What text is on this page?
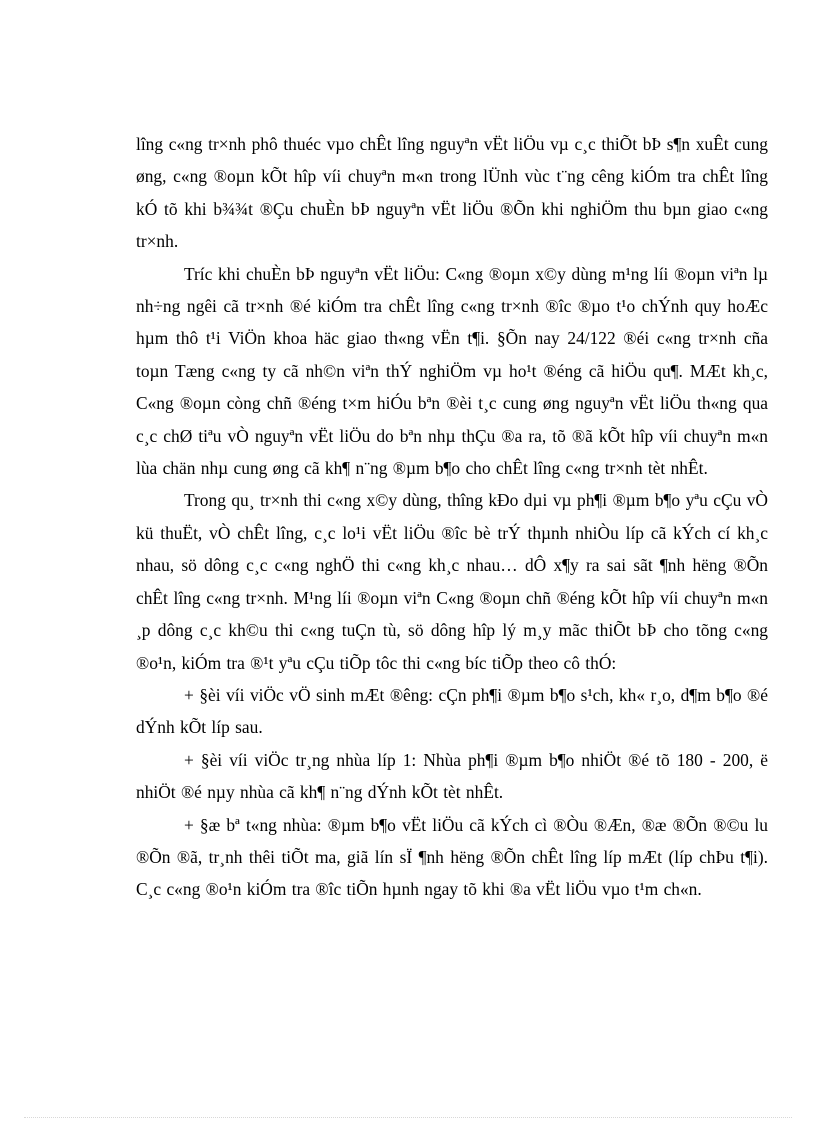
lîng c«ng tr×nh phô thuéc vµo chÊt lîng nguyªn vËt liÖu vµ c¸c thiÕt bÞ s¶n xuÊt cung øng, c«ng ®oµn kÕt hîp víi chuyªn m«n trong lÜnh vùc t¨ng cêng kiÓm tra chÊt lîng kÓ tõ khi b¾¾t ®Çu chuÈn bÞ nguyªn vËt liÖu ®Õn khi nghiÖm thu bµn giao c«ng tr×nh.

Tríc khi chuÈn bÞ nguyªn vËt liÖu: C«ng ®oµn x©y dùng m¹ng líi ®oµn viªn lµ nh÷ng ngêi cã tr×nh ®é kiÓm tra chÊt lîng c«ng tr×nh ®îc ®µo t¹o chÝnh quy hoÆc hµm thô t¹i ViÖn khoa häc giao th«ng vËn t¶i. §Õn nay 24/122 ®éi c«ng tr×nh cña toµn Tæng c«ng ty cã nh©n viªn thÝ nghiÖm vµ ho¹t ®éng cã hiÖu qu¶. MÆt kh¸c, C«ng ®oµn còng chñ ®éng t×m hiÓu bªn ®èi t¸c cung øng nguyªn vËt liÖu th«ng qua c¸c chØ tiªu vÒ nguyªn vËt liÖu do bªn nhµ thÇu ®a ra, tõ ®ã kÕt hîp víi chuyªn m«n lùa chän nhµ cung øng cã kh¶ n¨ng ®µm b¶o cho chÊt lîng c«ng tr×nh tèt nhÊt.

Trong qu¸ tr×nh thi c«ng x©y dùng, thîng kÐo dµi vµ ph¶i ®µm b¶o yªu cÇu vÒ kü thuËt, vÒ chÊt lîng, c¸c lo¹i vËt liÖu ®îc bè trÝ thµnh nhiÒu líp cã kÝch cí kh¸c nhau, sö dông c¸c c«ng nghÖ thi c«ng kh¸c nhau… dÔ x¶y ra sai sãt ¶nh hëng ®Õn chÊt lîng c«ng tr×nh. M¹ng líi ®oµn viªn C«ng ®oµn chñ ®éng kÕt hîp víi chuyªn m«n ¸p dông c¸c kh©u thi c«ng tuÇn tù, sö dông hîp lý m¸y mãc thiÕt bÞ cho tõng c«ng ®o¹n, kiÓm tra ®¹t yªu cÇu tiÕp tôc thi c«ng bíc tiÕp theo cô thÓ:

+ §èi víi viÖc vÖ sinh mÆt ®êng: cÇn ph¶i ®µm b¶o s¹ch, kh« r¸o, d¶m b¶o ®é dÝnh kÕt líp sau.

+ §èi víi viÖc tr¸ng nhùa líp 1: Nhùa ph¶i ®µm b¶o nhiÖt ®é tõ 180 - 200, ë nhiÖt ®é nµy nhùa cã kh¶ n¨ng dÝnh kÕt tèt nhÊt.

+ §æ bª t«ng nhùa: ®µm b¶o vËt liÖu cã kÝch cì ®Òu ®Æn, ®æ ®Õn ®©u lu ®Õn ®ã, tr¸nh thêi tiÕt ma, giã lín sÏ ¶nh hëng ®Õn chÊt lîng líp mÆt (líp chÞu t¶i). C¸c c«ng ®o¹n kiÓm tra ®îc tiÕn hµnh ngay tõ khi ®a vËt liÖu vµo t¹m ch«n.
